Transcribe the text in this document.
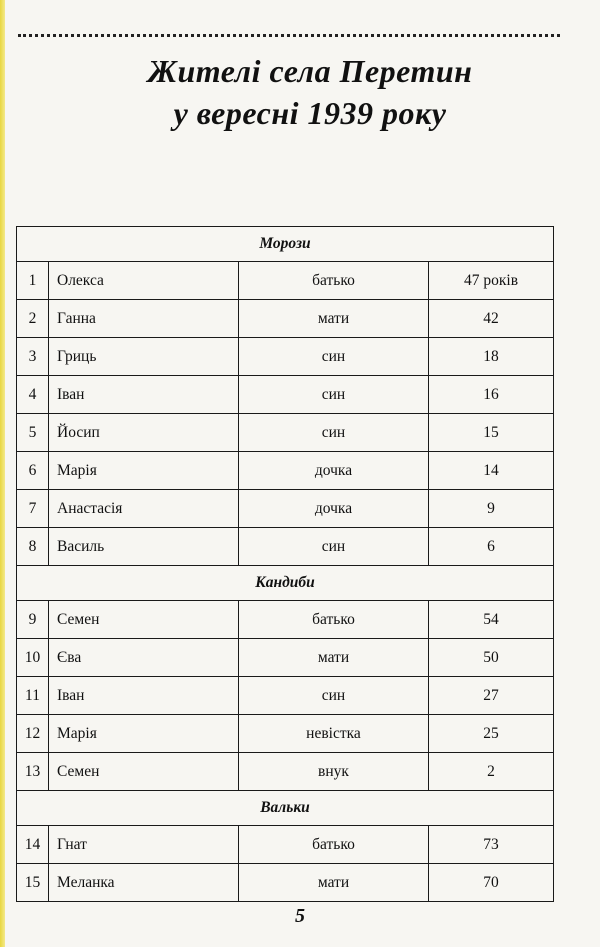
Жителі села Перетин
у вересні 1939 року
Морози			
1	Олекса	батько	47 років
2	Ганна	мати	42
3	Гриць	син	18
4	Іван	син	16
5	Йосип	син	15
6	Марія	дочка	14
7	Анастасія	дочка	9
8	Василь	син	6
Кандиби			
9	Семен	батько	54
10	Єва	мати	50
11	Іван	син	27
12	Марія	невістка	25
13	Семен	внук	2
Вальки			
14	Гнат	батько	73
15	Меланка	мати	70
5
